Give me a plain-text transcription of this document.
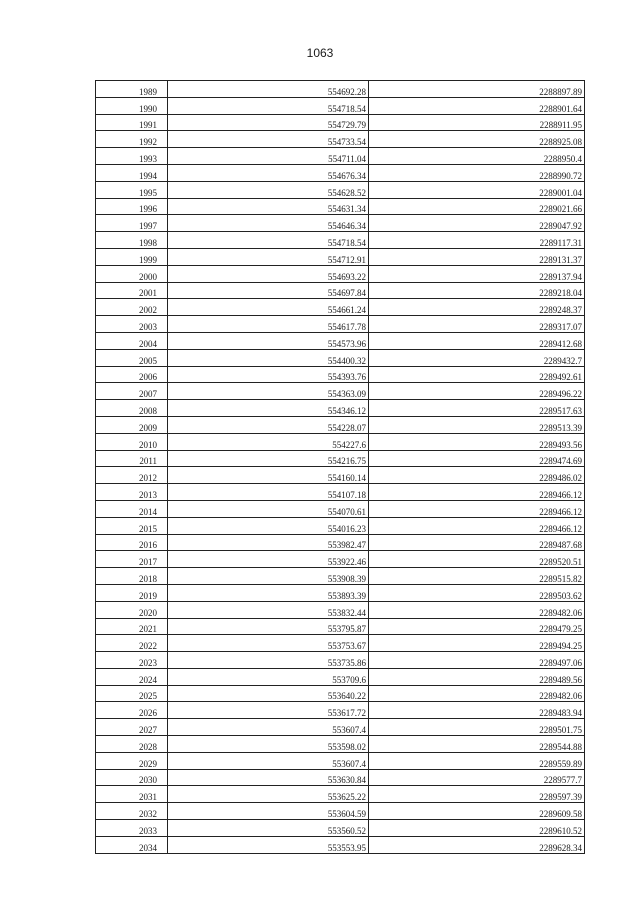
1063
1989	554692.28	2288897.89
1990	554718.54	2288901.64
1991	554729.79	2288911.95
1992	554733.54	2288925.08
1993	554711.04	2288950.4
1994	554676.34	2288990.72
1995	554628.52	2289001.04
1996	554631.34	2289021.66
1997	554646.34	2289047.92
1998	554718.54	2289117.31
1999	554712.91	2289131.37
2000	554693.22	2289137.94
2001	554697.84	2289218.04
2002	554661.24	2289248.37
2003	554617.78	2289317.07
2004	554573.96	2289412.68
2005	554400.32	2289432.7
2006	554393.76	2289492.61
2007	554363.09	2289496.22
2008	554346.12	2289517.63
2009	554228.07	2289513.39
2010	554227.6	2289493.56
2011	554216.75	2289474.69
2012	554160.14	2289486.02
2013	554107.18	2289466.12
2014	554070.61	2289466.12
2015	554016.23	2289466.12
2016	553982.47	2289487.68
2017	553922.46	2289520.51
2018	553908.39	2289515.82
2019	553893.39	2289503.62
2020	553832.44	2289482.06
2021	553795.87	2289479.25
2022	553753.67	2289494.25
2023	553735.86	2289497.06
2024	553709.6	2289489.56
2025	553640.22	2289482.06
2026	553617.72	2289483.94
2027	553607.4	2289501.75
2028	553598.02	2289544.88
2029	553607.4	2289559.89
2030	553630.84	2289577.7
2031	553625.22	2289597.39
2032	553604.59	2289609.58
2033	553560.52	2289610.52
2034	553553.95	2289628.34
